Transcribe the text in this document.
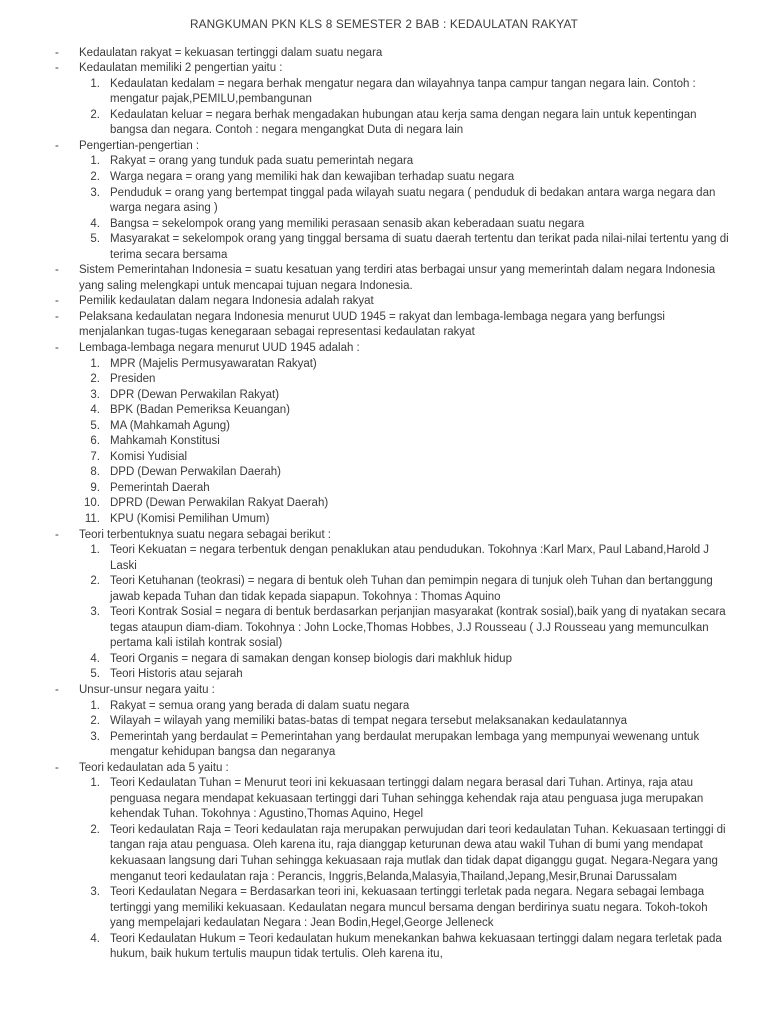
RANGKUMAN PKN KLS 8 SEMESTER 2 BAB : KEDAULATAN RAKYAT
-	Kedaulatan rakyat = kekuasan tertinggi dalam suatu negara
-	Kedaulatan memiliki 2 pengertian yaitu :
1. Kedaulatan kedalam = negara berhak mengatur negara dan wilayahnya tanpa campur tangan negara lain. Contoh : mengatur pajak,PEMILU,pembangunan
2. Kedaulatan keluar = negara berhak mengadakan hubungan atau kerja sama dengan negara lain untuk kepentingan bangsa dan negara. Contoh : negara mengangkat Duta di negara lain
-	Pengertian-pengertian :
1. Rakyat = orang yang tunduk pada suatu pemerintah negara
2. Warga negara = orang yang memiliki hak dan kewajiban terhadap suatu negara
3. Penduduk = orang yang bertempat tinggal pada wilayah suatu negara ( penduduk di bedakan antara warga negara dan warga negara asing )
4. Bangsa = sekelompok orang yang memiliki perasaan senasib akan keberadaan suatu negara
5. Masyarakat = sekelompok orang yang tinggal bersama di suatu daerah tertentu dan terikat pada nilai-nilai tertentu yang di terima secara bersama
-	Sistem Pemerintahan Indonesia = suatu kesatuan yang terdiri atas berbagai unsur yang memerintah dalam negara Indonesia yang saling melengkapi untuk mencapai tujuan negara Indonesia.
-	Pemilik kedaulatan dalam negara Indonesia adalah rakyat
-	Pelaksana kedaulatan negara Indonesia menurut UUD 1945 = rakyat dan lembaga-lembaga negara yang berfungsi menjalankan tugas-tugas kenegaraan sebagai representasi kedaulatan rakyat
-	Lembaga-lembaga negara menurut UUD 1945 adalah :
1. MPR (Majelis Permusyawaratan Rakyat)
2. Presiden
3. DPR (Dewan Perwakilan Rakyat)
4. BPK (Badan Pemeriksa Keuangan)
5. MA (Mahkamah Agung)
6. Mahkamah Konstitusi
7. Komisi Yudisial
8. DPD (Dewan Perwakilan Daerah)
9. Pemerintah Daerah
10. DPRD (Dewan Perwakilan Rakyat Daerah)
11. KPU (Komisi Pemilihan Umum)
-	Teori terbentuknya suatu negara sebagai berikut :
1. Teori Kekuatan = negara terbentuk dengan penaklukan atau pendudukan. Tokohnya :Karl Marx, Paul Laband,Harold J Laski
2. Teori Ketuhanan (teokrasi) = negara di bentuk oleh Tuhan dan pemimpin negara di tunjuk oleh Tuhan dan bertanggung jawab kepada Tuhan dan tidak kepada siapapun. Tokohnya : Thomas Aquino
3. Teori Kontrak Sosial = negara di bentuk berdasarkan perjanjian masyarakat (kontrak sosial),baik yang di nyatakan secara tegas ataupun diam-diam. Tokohnya : John Locke,Thomas Hobbes, J.J Rousseau ( J.J Rousseau yang memunculkan pertama kali istilah kontrak sosial)
4. Teori Organis = negara di samakan dengan konsep biologis dari makhluk hidup
5. Teori Historis atau sejarah
-	Unsur-unsur negara yaitu :
1. Rakyat = semua orang yang berada di dalam suatu negara
2. Wilayah = wilayah yang memiliki batas-batas di tempat negara tersebut melaksanakan kedaulatannya
3. Pemerintah yang berdaulat = Pemerintahan yang berdaulat merupakan lembaga yang mempunyai wewenang untuk mengatur kehidupan bangsa dan negaranya
-	Teori kedaulatan ada 5 yaitu :
1. Teori Kedaulatan Tuhan = Menurut teori ini kekuasaan tertinggi dalam negara berasal dari Tuhan. Artinya, raja atau penguasa negara mendapat kekuasaan tertinggi dari Tuhan sehingga kehendak raja atau penguasa juga merupakan kehendak Tuhan. Tokohnya : Agustino,Thomas Aquino, Hegel
2. Teori kedaulatan Raja = Teori kedaulatan raja merupakan perwujudan dari teori kedaulatan Tuhan. Kekuasaan tertinggi di tangan raja atau penguasa. Oleh karena itu, raja dianggap keturunan dewa atau wakil Tuhan di bumi yang mendapat kekuasaan langsung dari Tuhan sehingga kekuasaan raja mutlak dan tidak dapat diganggu gugat. Negara-Negara yang menganut teori kedaulatan raja : Perancis, Inggris,Belanda,Malasyia,Thailand,Jepang,Mesir,Brunai Darussalam
3. Teori Kedaulatan Negara = Berdasarkan teori ini, kekuasaan tertinggi terletak pada negara. Negara sebagai lembaga tertinggi yang memiliki kekuasaan. Kedaulatan negara muncul bersama dengan berdirinya suatu negara. Tokoh-tokoh yang mempelajari kedaulatan Negara : Jean Bodin,Hegel,George Jelleneck
4. Teori Kedaulatan Hukum = Teori kedaulatan hukum menekankan bahwa kekuasaan tertinggi dalam negara terletak pada hukum, baik hukum tertulis maupun tidak tertulis. Oleh karena itu,
